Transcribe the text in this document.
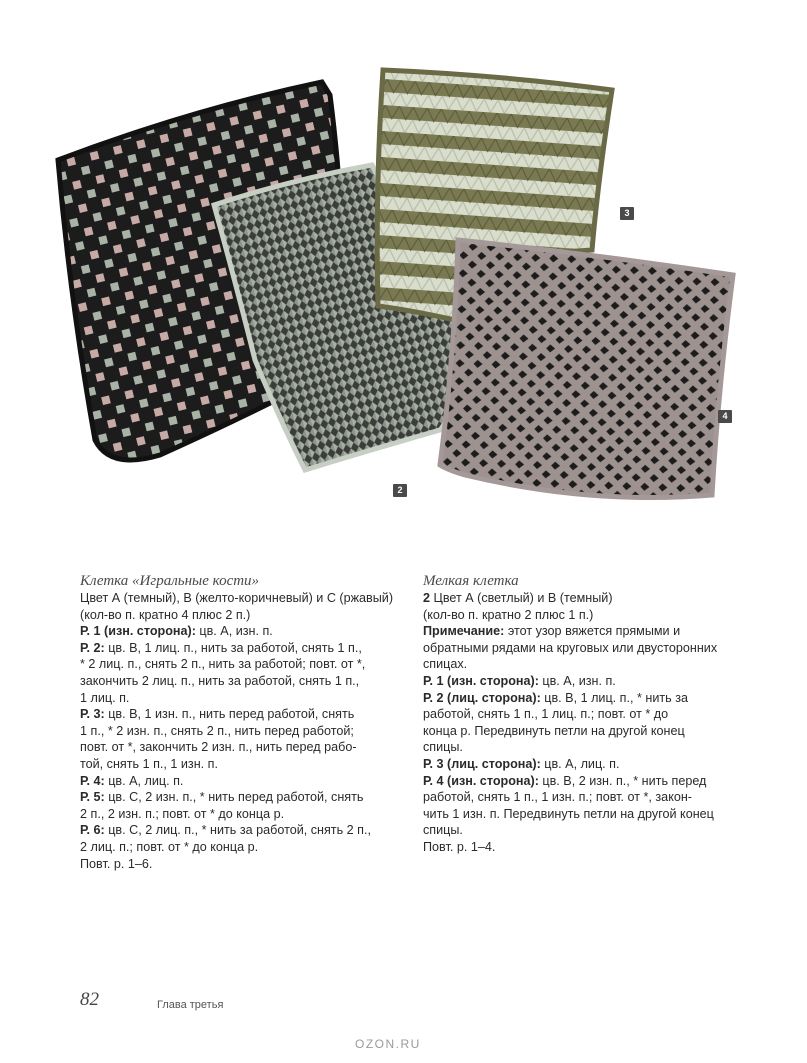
2
3
4

Клетка «Игральные кости»

Цвет А (темный), В (желто-коричневый) и С (ржавый)

(кол-во п. кратно 4 плюс 2 п.)

Р. 1 (изн. сторона): цв. А, изн. п.

Р. 2: цв. В, 1 лиц. п., нить за работой, снять 1 п.,

* 2 лиц. п., снять 2 п., нить за работой; повт. от *,

закончить 2 лиц. п., нить за работой, снять 1 п.,

1 лиц. п.

Р. 3: цв. В, 1 изн. п., нить перед работой, снять

1 п., * 2 изн. п., снять 2 п., нить перед работой;

повт. от *, закончить 2 изн. п., нить перед рабо-

той, снять 1 п., 1 изн. п.

Р. 4: цв. А, лиц. п.

Р. 5: цв. С, 2 изн. п., * нить перед работой, снять

2 п., 2 изн. п.; повт. от * до конца р.

Р. 6: цв. С, 2 лиц. п., * нить за работой, снять 2 п.,

2 лиц. п.; повт. от * до конца р.

Повт. р. 1–6.

Мелкая клетка

2 Цвет А (светлый) и В (темный)

(кол-во п. кратно 2 плюс 1 п.)

Примечание: этот узор вяжется прямыми и

обратными рядами на круговых или двусторонних

спицах.

Р. 1 (изн. сторона): цв. А, изн. п.

Р. 2 (лиц. сторона): цв. В, 1 лиц. п., * нить за

работой, снять 1 п., 1 лиц. п.; повт. от * до

конца р. Передвинуть петли на другой конец

спицы.

Р. 3 (лиц. сторона): цв. А, лиц. п.

Р. 4 (изн. сторона): цв. В, 2 изн. п., * нить перед

работой, снять 1 п., 1 изн. п.; повт. от *, закон-

чить 1 изн. п. Передвинуть петли на другой конец

спицы.

Повт. р. 1–4.

82	Глава третья
OZON.RU
